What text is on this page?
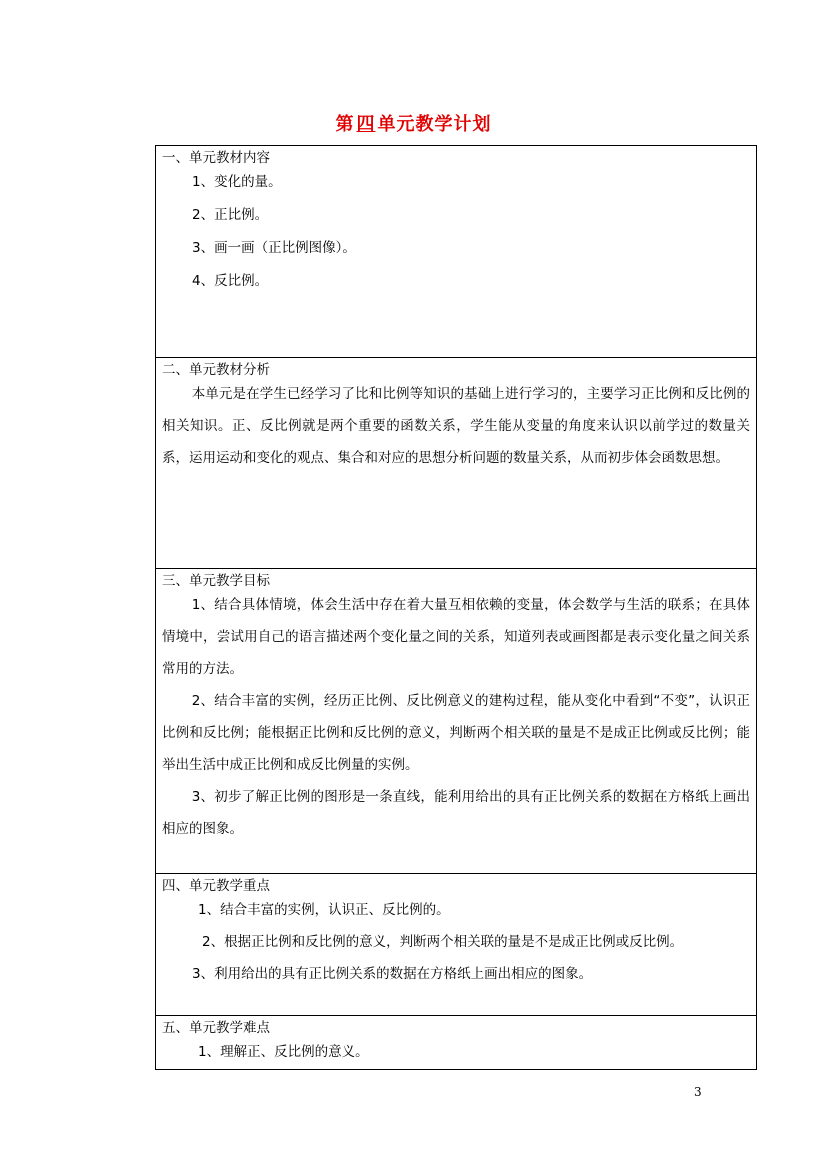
第 四 单元教学计划
一、单元教材内容
1、变化的量。
2、正比例。
3、画一画（正比例图像）。
4、反比例。

二、单元教材分析

本单元是在学生已经学习了比和比例等知识的基础上进行学习的，主要学习正比例和反比例的相关知识。正、反比例就是两个重要的函数关系，学生能从变量的角度来认识以前学过的数量关系，运用运动和变化的观点、集合和对应的思想分析问题的数量关系，从而初步体会函数思想。

三、单元教学目标

1、结合具体情境，体会生活中存在着大量互相依赖的变量，体会数学与生活的联系；在具体情境中，尝试用自己的语言描述两个变化量之间的关系，知道列表或画图都是表示变化量之间关系常用的方法。

2、结合丰富的实例，经历正比例、反比例意义的建构过程，能从变化中看到“不变”，认识正比例和反比例；能根据正比例和反比例的意义，判断两个相关联的量是不是成正比例或反比例；能举出生活中成正比例和成反比例量的实例。

3、初步了解正比例的图形是一条直线，能利用给出的具有正比例关系的数据在方格纸上画出相应的图象。

四、单元教学重点
1、结合丰富的实例，认识正、反比例的。
2、根据正比例和反比例的意义，判断两个相关联的量是不是成正比例或反比例。
3、利用给出的具有正比例关系的数据在方格纸上画出相应的图象。

五、单元教学难点
1、理解正、反比例的意义。
3
